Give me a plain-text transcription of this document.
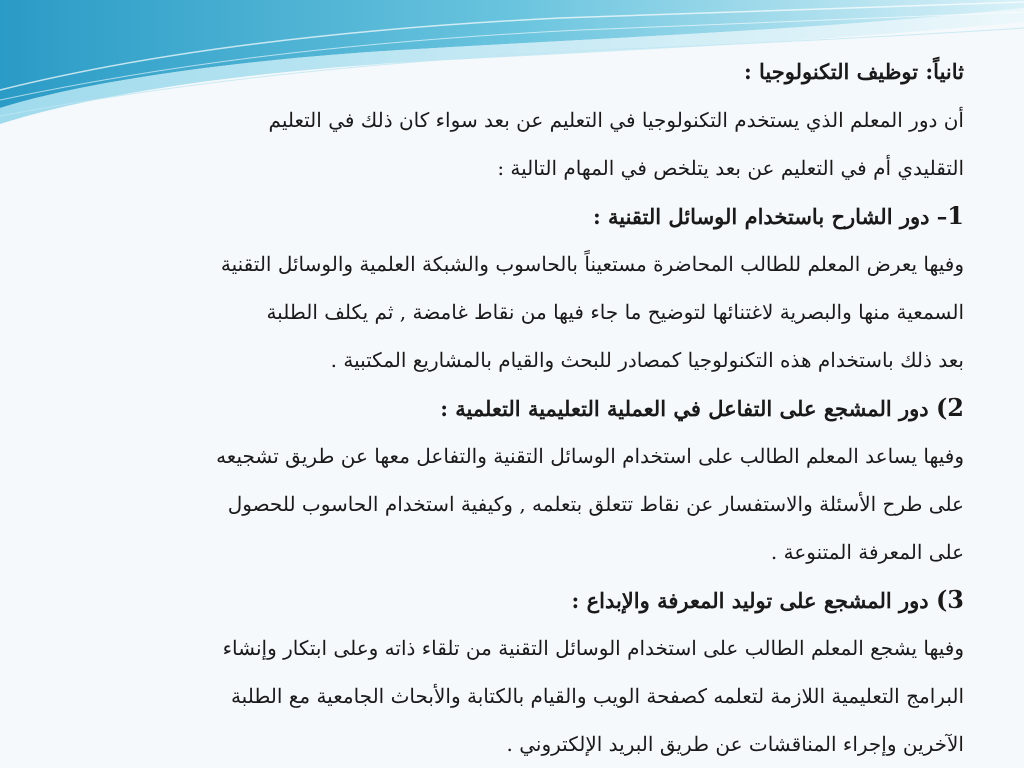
ثانياً: توظيف التكنولوجيا :
أن دور المعلم الذي يستخدم التكنولوجيا في التعليم عن بعد سواء كان ذلك في التعليم
التقليدي أم في التعليم عن بعد يتلخص في المهام التالية :
1– دور الشارح باستخدام الوسائل التقنية :
وفيها يعرض المعلم للطالب المحاضرة مستعيناً بالحاسوب والشبكة العلمية والوسائل التقنية
السمعية منها والبصرية لاغتنائها لتوضيح ما جاء فيها من نقاط غامضة , ثم يكلف الطلبة
بعد ذلك باستخدام هذه التكنولوجيا كمصادر للبحث والقيام بالمشاريع المكتبية .
2) دور المشجع على التفاعل في العملية التعليمية التعلمية :
وفيها يساعد المعلم الطالب على استخدام الوسائل التقنية والتفاعل معها عن طريق تشجيعه
على طرح الأسئلة والاستفسار عن نقاط تتعلق بتعلمه , وكيفية استخدام الحاسوب للحصول
على المعرفة المتنوعة .
3) دور المشجع على توليد المعرفة والإبداع :
وفيها يشجع المعلم الطالب على استخدام الوسائل التقنية من تلقاء ذاته وعلى ابتكار وإنشاء
البرامج التعليمية اللازمة لتعلمه كصفحة الويب والقيام بالكتابة والأبحاث الجامعية مع الطلبة
الآخرين وإجراء المناقشات عن طريق البريد الإلكتروني .
